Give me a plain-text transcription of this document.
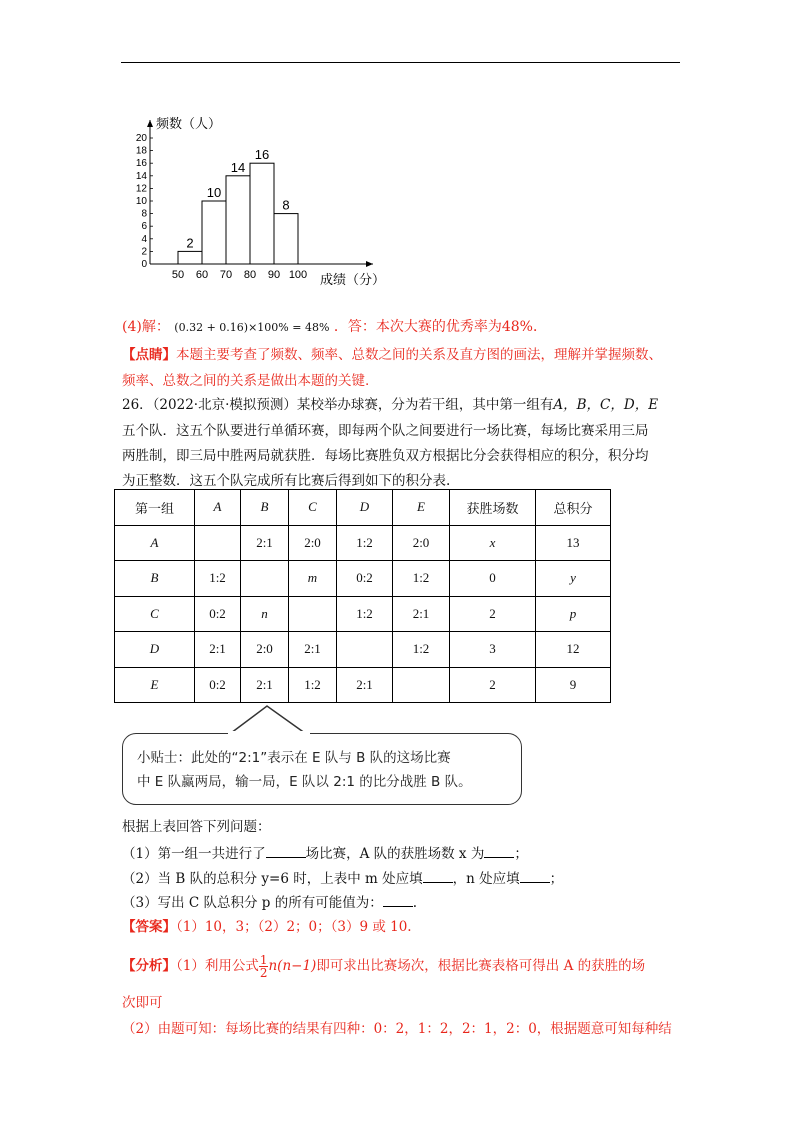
0
2
4
6
8
10
12
14
16
18
20
50 60 70 80 90 100
2
10
14
16
8
频数（人）
成绩（分）
(4)解： (0.32 + 0.16)×100% = 48% ．答：本次大赛的优秀率为48%．
【点睛】本题主要考查了频数、频率、总数之间的关系及直方图的画法，理解并掌握频数、
频率、总数之间的关系是做出本题的关键.
26．（2022·北京·模拟预测）某校举办球赛，分为若干组，其中第一组有A，B，C，D，E
五个队．这五个队要进行单循环赛，即每两个队之间要进行一场比赛，每场比赛采用三局
两胜制，即三局中胜两局就获胜．每场比赛胜负双方根据比分会获得相应的积分，积分均
为正整数．这五个队完成所有比赛后得到如下的积分表.
第一组	A	B	C	D	E	获胜场数	总积分
A		2:1	2:0	1:2	2:0	x	13
B	1:2		m	0:2	1:2	0	y
C	0:2	n		1:2	2:1	2	p
D	2:1	2:0	2:1		1:2	3	12
E	0:2	2:1	1:2	2:1		2	9
小贴士：此处的“2:1”表示在 E 队与 B 队的这场比赛
中 E 队赢两局，输一局，E 队以 2:1 的比分战胜 B 队。
根据上表回答下列问题：
（1）第一组一共进行了	场比赛，A 队的获胜场数 x 为 ；
（2）当 B 队的总积分 y=6 时，上表中 m 处应填 ，n 处应填 ；
（3）写出 C 队总积分 p 的所有可能值为： .
【答案】（1）10，3；（2）2；0；（3）9 或 10.
【分析】（1）利用公式 $\frac{1}{2} n(n-1)$即可求出比赛场次，根据比赛表格可得出 A 的获胜的场
次即可
（2）由题可知：每场比赛的结果有四种：0：2，1：2，2：1，2：0，根据题意可知每种结
